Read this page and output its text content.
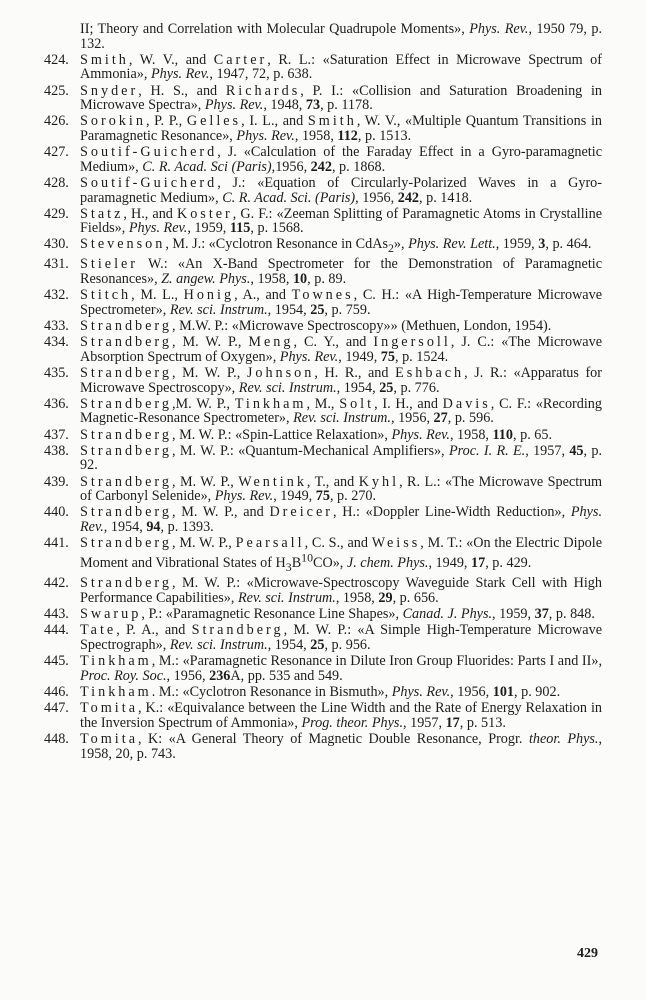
II; Theory and Correlation with Molecular Quadrupole Moments», Phys. Rev., 1950 79, p. 132.
424. Smith, W. V., and Carter, R. L.: «Saturation Effect in Microwave Spectrum of Ammonia», Phys. Rev., 1947, 72, p. 638.
425. Snyder, H. S., and Richards, P. I.: «Collision and Saturation Broadening in Microwave Spectra», Phys. Rev., 1948, 73, p. 1178.
426. Sorokin, P. P., Gelles, I. L., and Smith, W. V., «Multiple Quantum Transitions in Paramagnetic Resonance», Phys. Rev., 1958, 112, p. 1513.
427. Soutif-Guicherd, J. «Calculation of the Faraday Effect in a Gyro-paramagnetic Medium», C. R. Acad. Sci (Paris),1956, 242, p. 1868.
428. Soutif-Guicherd, J.: «Equation of Circularly-Polarized Waves in a Gyro-paramagnetic Medium», C. R. Acad. Sci. (Paris), 1956, 242, p. 1418.
429. Statz, H., and Koster, G. F.: «Zeeman Splitting of Paramagnetic Atoms in Crystalline Fields», Phys. Rev., 1959, 115, p. 1568.
430. Stevenson, M. J.: «Cyclotron Resonance in CdAs$_2$», Phys. Rev. Lett., 1959, 3, p. 464.
431. Stieler W.: «An X-Band Spectrometer for the Demonstration of Paramagnetic Resonances», Z. angew. Phys., 1958, 10, p. 89.
432. Stitch, M. L., Honig, A., and Townes, C. H.: «A High-Temperature Microwave Spectrometer», Rev. sci. Instrum., 1954, 25, p. 759.
433. Strandberg, M.W. P.: «Microwave Spectroscopy»» (Methuen, London, 1954).
434. Strandberg, M. W. P., Meng, C. Y., and Ingersoll, J. C.: «The Microwave Absorption Spectrum of Oxygen», Phys. Rev., 1949, 75, p. 1524.
435. Strandberg, M. W. P., Johnson, H. R., and Eshbach, J. R.: «Apparatus for Microwave Spectroscopy», Rev. sci. Instrum., 1954, 25, p. 776.
436. Strandberg,M. W. P., Tinkham, M., Solt, I. H., and Davis, C. F.: «Recording Magnetic-Resonance Spectrometer», Rev. sci. Instrum., 1956, 27, p. 596.
437. Strandberg, M. W. P.: «Spin-Lattice Relaxation», Phys. Rev., 1958, 110, p. 65.
438. Strandberg, M. W. P.: «Quantum-Mechanical Amplifiers», Proc. I. R. E., 1957, 45, p. 92.
439. Strandberg, M. W. P., Wentink, T., and Kyhl, R. L.: «The Microwave Spectrum of Carbonyl Selenide», Phys. Rev., 1949, 75, p. 270.
440. Strandberg, M. W. P., and Dreicer, H.: «Doppler Line-Width Reduction», Phys. Rev., 1954, 94, p. 1393.
441. Strandberg, M. W. P., Pearsall, C. S., and Weiss, M. T.: «On the Electric Dipole Moment and Vibrational States of $H_3B^{10}CO$», J. chem. Phys., 1949, 17, p. 429.
442. Strandberg, M. W. P.: «Microwave-Spectroscopy Waveguide Stark Cell with High Performance Capabilities», Rev. sci. Instrum., 1958, 29, p. 656.
443. Swarup, P.: «Paramagnetic Resonance Line Shapes», Canad. J. Phys., 1959, 37, p. 848.
444. Tate, P. A., and Strandberg, M. W. P.: «A Simple High-Temperature Microwave Spectrograph», Rev. sci. Instrum., 1954, 25, p. 956.
445. Tinkham, M.: «Paramagnetic Resonance in Dilute Iron Group Fluorides: Parts I and II», Proc. Roy. Soc., 1956, 236A, pp. 535 and 549.
446. Tinkham. M.: «Cyclotron Resonance in Bismuth», Phys. Rev., 1956, 101, p. 902.
447. Tomita, K.: «Equivalance between the Line Width and the Rate of Energy Relaxation in the Inversion Spectrum of Ammonia», Prog. theor. Phys., 1957, 17, p. 513.
448. Tomita, K: «A General Theory of Magnetic Double Resonance, Progr. theor. Phys., 1958, 20, p. 743.
429
